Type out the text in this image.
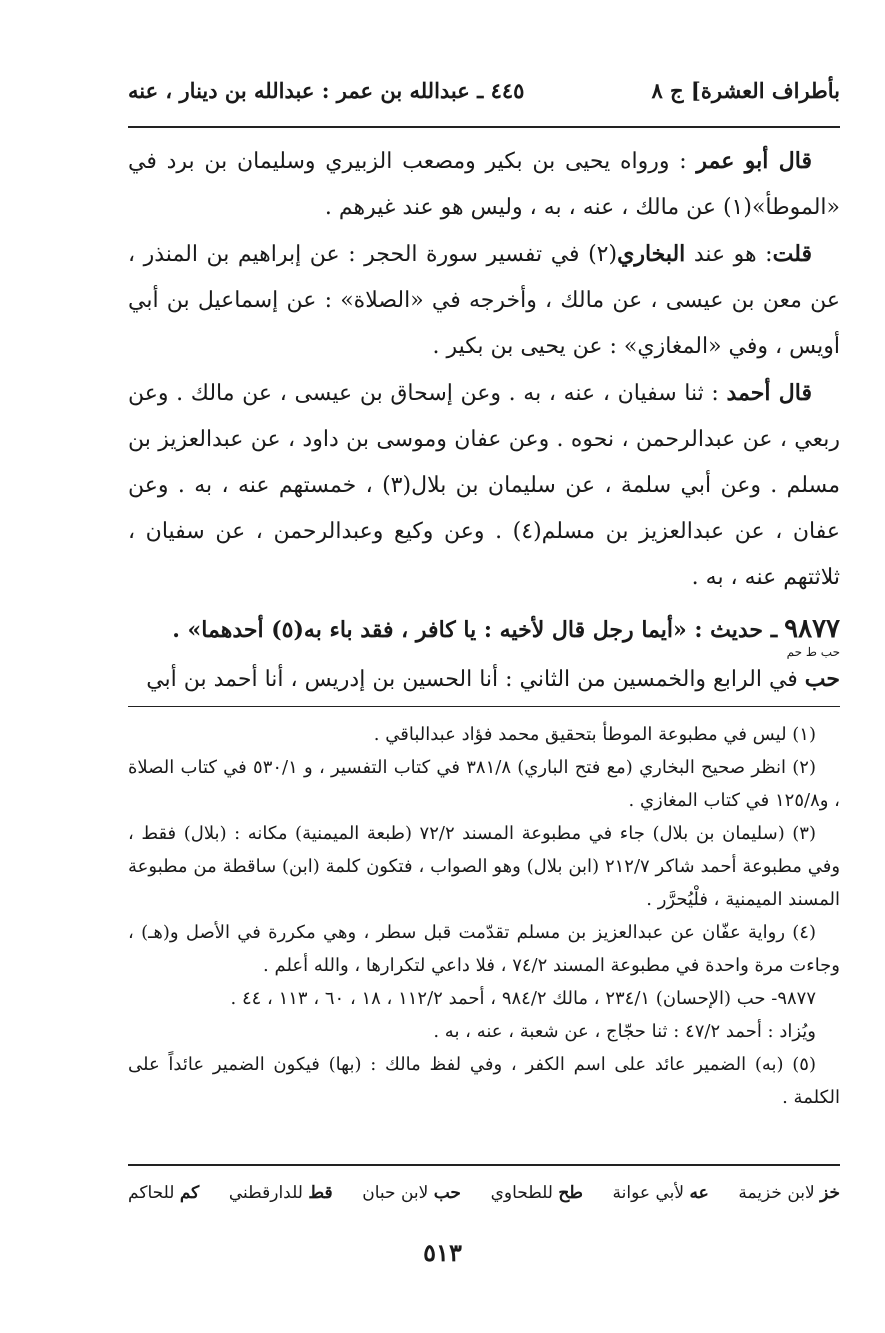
بأطراف العشرة] ج ٨
٤٤٥ ـ عبدالله بن عمر : عبدالله بن دينار ، عنه

قال أبو عمر : ورواه يحيى بن بكير ومصعب الزبيري وسليمان بن برد في «الموطأ»(١) عن مالك ، عنه ، به ، وليس هو عند غيرهم .

قلت: هو عند البخاري(٢) في تفسير سورة الحجر : عن إبراهيم بن المنذر ، عن معن بن عيسى ، عن مالك ، وأخرجه في «الصلاة» : عن إسماعيل بن أبي أويس ، وفي «المغازي» : عن يحيى بن بكير .

قال أحمد : ثنا سفيان ، عنه ، به . وعن إسحاق بن عيسى ، عن مالك . وعن ربعي ، عن عبدالرحمن ، نحوه . وعن عفان وموسى بن داود ، عن عبدالعزيز بن مسلم . وعن أبي سلمة ، عن سليمان بن بلال(٣) ، خمستهم عنه ، به . وعن عفان ، عن عبدالعزيز بن مسلم(٤) . وعن وكيع وعبدالرحمن ، عن سفيان ، ثلاثتهم عنه ، به .

٩٨٧٧ ـ حديث : «أيما رجل قال لأخيه : يا كافر ، فقد باء به(٥) أحدهما» .

حب ط حم

حب في الرابع والخمسين من الثاني : أنا الحسين بن إدريس ، أنا أحمد بن أبي

(١) ليس في مطبوعة الموطأ بتحقيق محمد فؤاد عبدالباقي .

(٢) انظر صحيح البخاري (مع فتح الباري) ٣٨١/٨ في كتاب التفسير ، و ٥٣٠/١ في كتاب الصلاة ، و١٢٥/٨ في كتاب المغازي .

(٣) (سليمان بن بلال) جاء في مطبوعة المسند ٧٢/٢ (طبعة الميمنية) مكانه : (بلال) فقط ، وفي مطبوعة أحمد شاكر ٢١٢/٧ (ابن بلال) وهو الصواب ، فتكون كلمة (ابن) ساقطة من مطبوعة المسند الميمنية ، فلْيُحرَّر .

(٤) رواية عفّان عن عبدالعزيز بن مسلم تقدّمت قبل سطر ، وهي مكررة في الأصل و(هـ) ، وجاءت مرة واحدة في مطبوعة المسند ٧٤/٢ ، فلا داعي لتكرارها ، والله أعلم .

٩٨٧٧- حب (الإحسان) ٢٣٤/١ ، مالك ٩٨٤/٢ ، أحمد ١١٢/٢ ، ١٨ ، ٦٠ ، ١١٣ ، ٤٤ .

ويُزاد : أحمد ٤٧/٢ : ثنا حجّاج ، عن شعبة ، عنه ، به .

(٥) (به) الضمير عائد على اسم الكفر ، وفي لفظ مالك : (بها) فيكون الضمير عائداً على الكلمة .

خز لابن خزيمة
عه لأبي عوانة
طح للطحاوي
حب لابن حبان
قط للدارقطني
كم للحاكم
٥١٣
